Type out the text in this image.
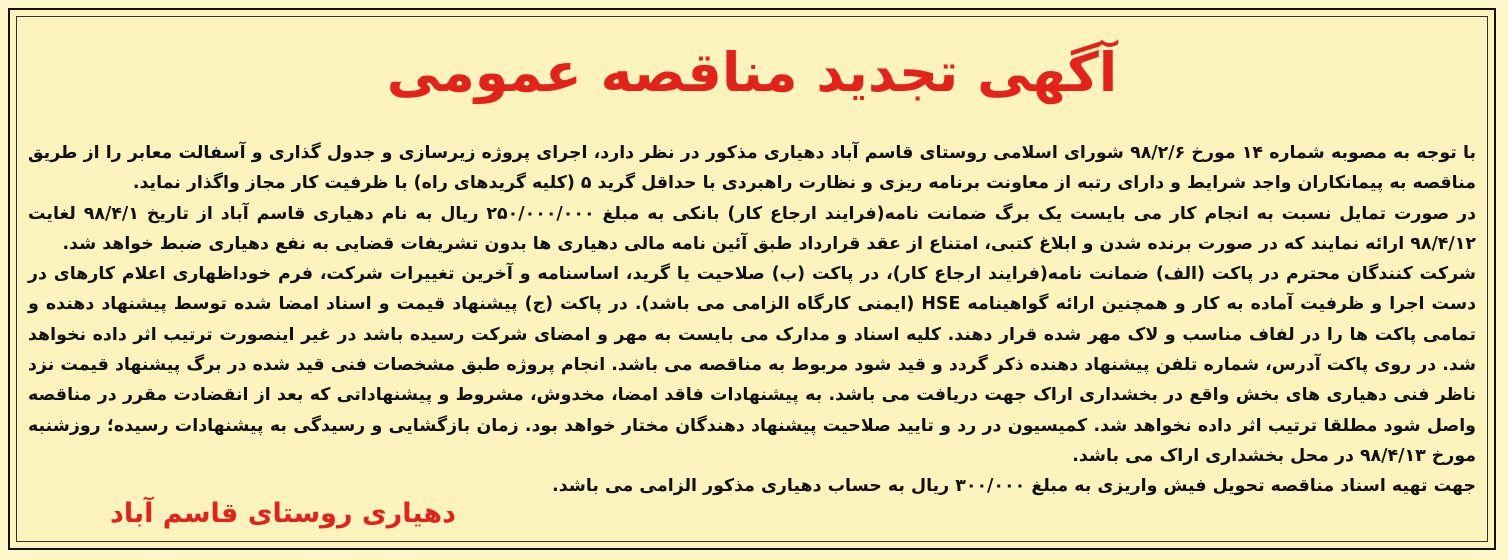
آگهی تجدید مناقصه عمومی

با توجه به مصوبه شماره ۱۴ مورخ ۹۸/۲/۶ شورای اسلامی روستای قاسم آباد دهیاری مذکور در نظر دارد، اجرای پروژه زیرسازی و جدول گذاری و آسفالت معابر را از طریق مناقصه به پیمانکاران واجد شرایط و دارای رتبه از معاونت برنامه ریزی و نظارت راهبردی با حداقل گرید ۵ (کلیه گریدهای راه) با ظرفیت کار مجاز واگذار نماید.

در صورت تمایل نسبت به انجام کار می بایست یک برگ ضمانت نامه(فرایند ارجاع کار) بانکی به مبلغ ۲۵۰/۰۰۰/۰۰۰ ریال به نام دهیاری قاسم آباد از تاریخ ۹۸/۴/۱ لغایت ۹۸/۴/۱۲ ارائه نمایند که در صورت برنده شدن و ابلاغ کتبی، امتناع از عقد قرارداد طبق آئین نامه مالی دهیاری ها بدون تشریفات قضایی به نفع دهیاری ضبط خواهد شد.

شرکت کنندگان محترم در پاکت (الف) ضمانت نامه(فرایند ارجاع کار)، در پاکت (ب) صلاحیت یا گرید، اساسنامه و آخرین تغییرات شرکت، فرم خوداظهاری اعلام کارهای در دست اجرا و ظرفیت آماده به کار و همچنین ارائه گواهینامه HSE (ایمنی کارگاه الزامی می باشد). در پاکت (ج) پیشنهاد قیمت و اسناد امضا شده توسط پیشنهاد دهنده و تمامی پاکت ها را در لفاف مناسب و لاک مهر شده قرار دهند. کلیه اسناد و مدارک می بایست به مهر و امضای شرکت رسیده باشد در غیر اینصورت ترتیب اثر داده نخواهد شد. در روی پاکت آدرس، شماره تلفن پیشنهاد دهنده ذکر گردد و قید شود مربوط به مناقصه می باشد. انجام پروژه طبق مشخصات فنی قید شده در برگ پیشنهاد قیمت نزد ناظر فنی دهیاری های بخش واقع در بخشداری اراک جهت دریافت می باشد. به پیشنهادات فاقد امضا، مخدوش، مشروط و پیشنهاداتی که بعد از انقضادت مقرر در مناقصه واصل شود مطلقا ترتیب اثر داده نخواهد شد. کمیسیون در رد و تایید صلاحیت پیشنهاد دهندگان مختار خواهد بود. زمان بازگشایی و رسیدگی به پیشنهادات رسیده؛ روزشنبه مورخ ۹۸/۴/۱۳ در محل بخشداری اراک می باشد.

جهت تهیه اسناد مناقصه تحویل فیش واریزی به مبلغ ۳۰۰/۰۰۰ ریال به حساب دهیاری مذکور الزامی می باشد.

دهیاری روستای قاسم آباد
